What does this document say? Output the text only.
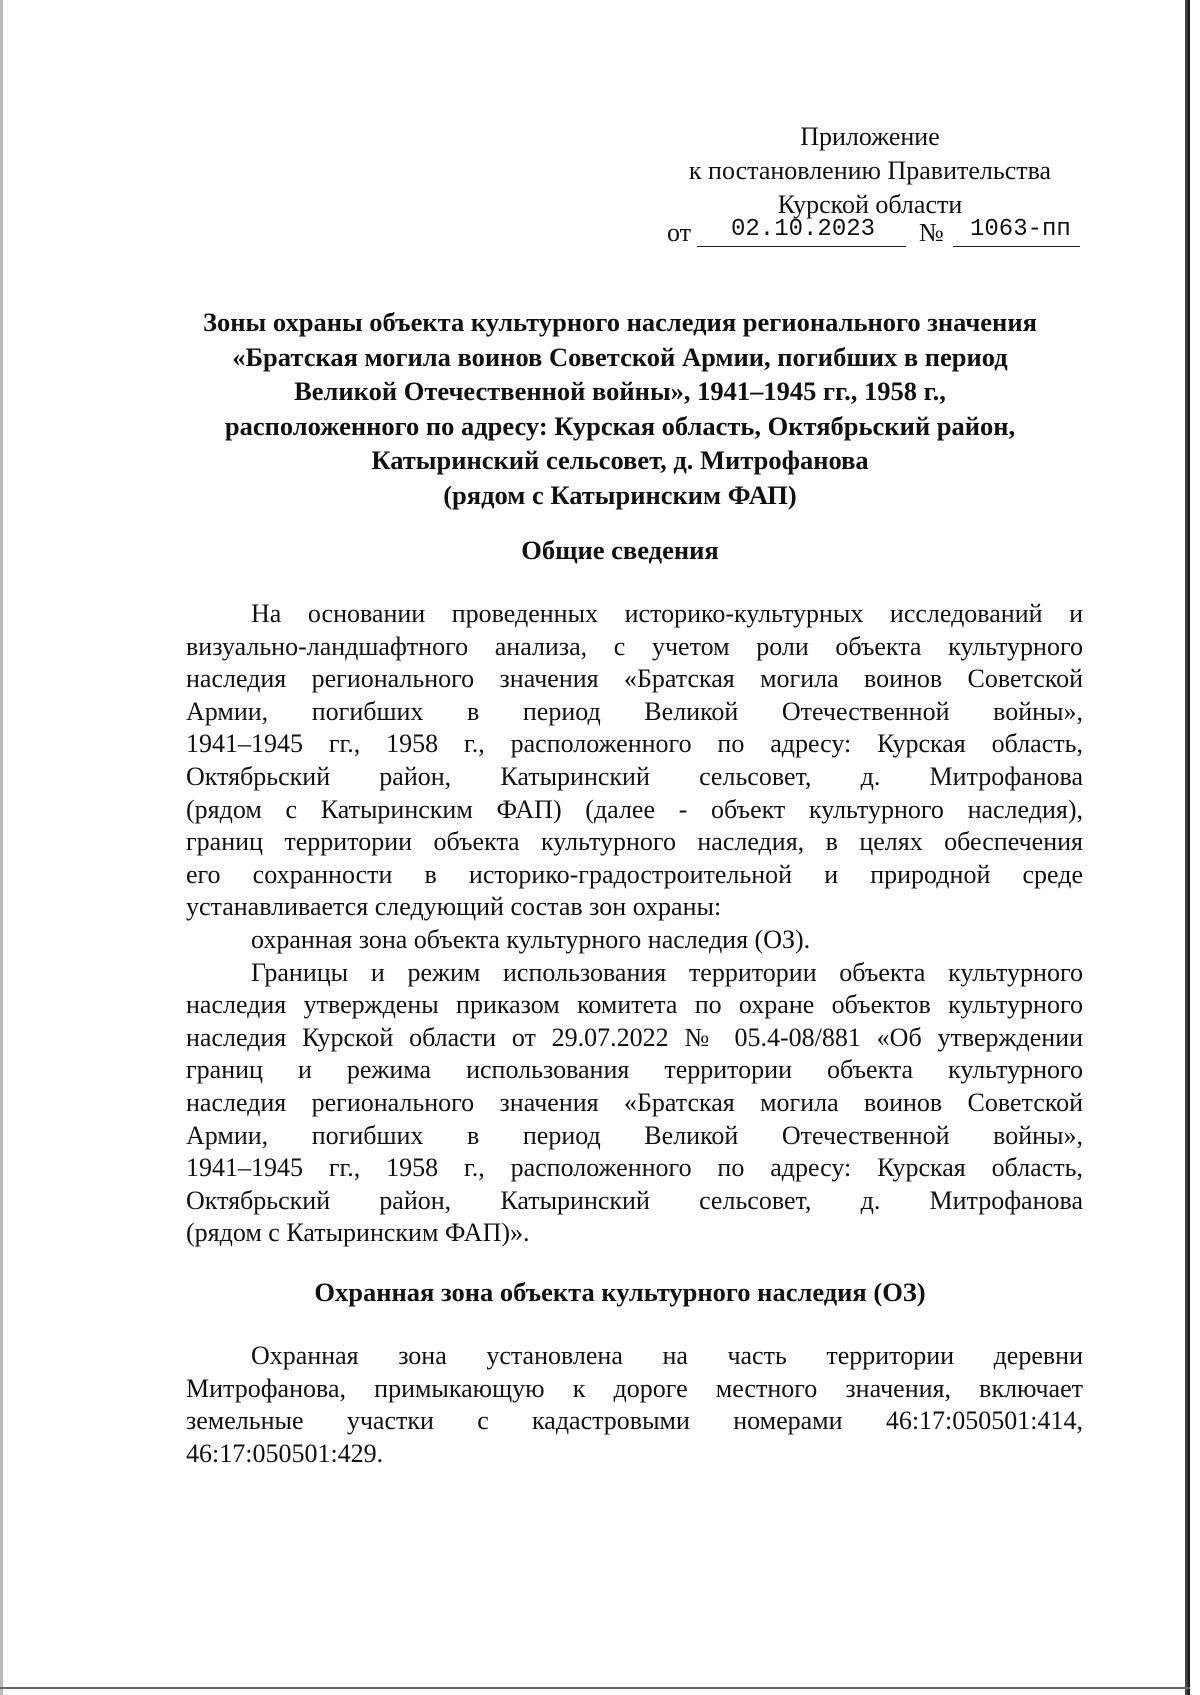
Приложение
к постановлению Правительства
Курской области
от 02.10.2023 № 1063-пп
Зоны охраны объекта культурного наследия регионального значения
«Братская могила воинов Советской Армии, погибших в период
Великой Отечественной войны», 1941–1945 гг., 1958 г.,
расположенного по адресу: Курская область, Октябрьский район,
Катыринский сельсовет, д. Митрофанова
(рядом с Катыринским ФАП)
Общие сведения
На основании проведенных историко-культурных исследований и
визуально-ландшафтного анализа, с учетом роли объекта культурного
наследия регионального значения «Братская могила воинов Советской
Армии, погибших в период Великой Отечественной войны»,
1941–1945 гг., 1958 г., расположенного по адресу: Курская область,
Октябрьский район, Катыринский сельсовет, д. Митрофанова
(рядом с Катыринским ФАП) (далее - объект культурного наследия),
границ территории объекта культурного наследия, в целях обеспечения
его сохранности в историко-градостроительной и природной среде
устанавливается следующий состав зон охраны:
охранная зона объекта культурного наследия (ОЗ).
Границы и режим использования территории объекта культурного
наследия утверждены приказом комитета по охране объектов культурного
наследия Курской области от 29.07.2022 № 05.4-08/881 «Об утверждении
границ и режима использования территории объекта культурного
наследия регионального значения «Братская могила воинов Советской
Армии, погибших в период Великой Отечественной войны»,
1941–1945 гг., 1958 г., расположенного по адресу: Курская область,
Октябрьский район, Катыринский сельсовет, д. Митрофанова
(рядом с Катыринским ФАП)».
Охранная зона объекта культурного наследия (ОЗ)
Охранная зона установлена на часть территории деревни
Митрофанова, примыкающую к дороге местного значения, включает
земельные участки с кадастровыми номерами 46:17:050501:414,
46:17:050501:429.
